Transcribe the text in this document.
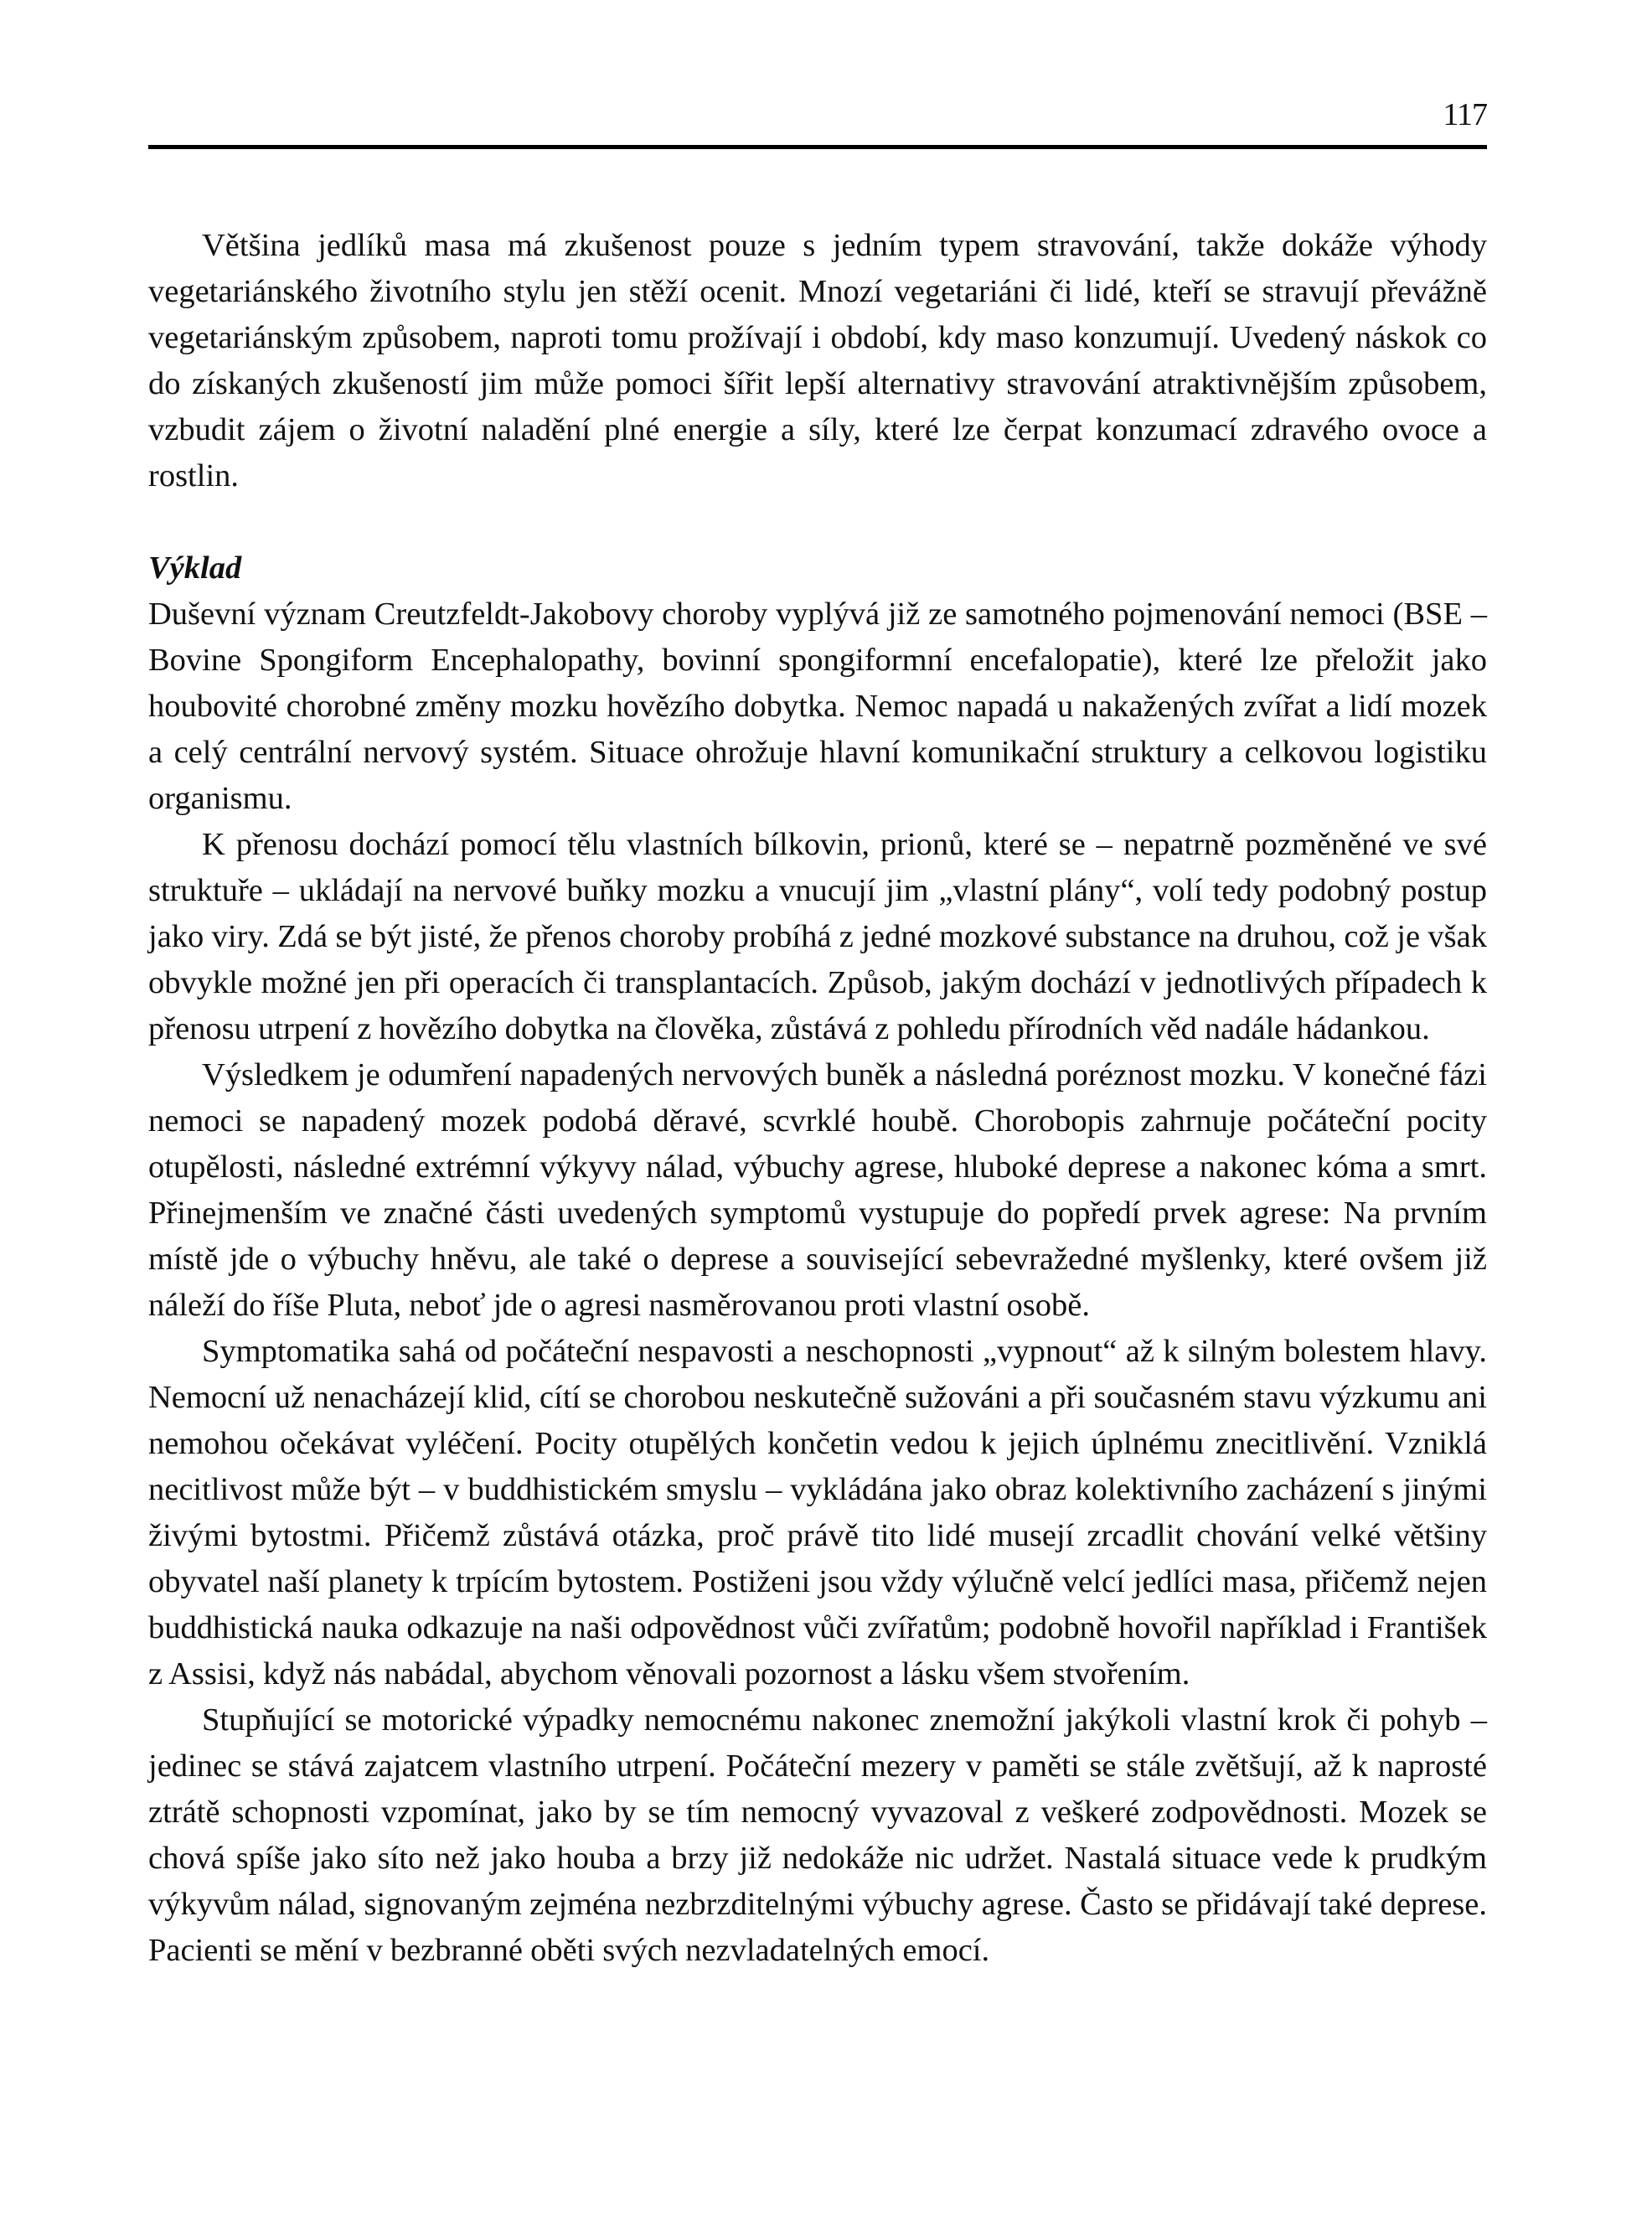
117

Většina jedlíků masa má zkušenost pouze s jedním typem stravování, takže dokáže výhody vegetariánského životního stylu jen stěží ocenit. Mnozí vegetariáni či lidé, kteří se stravují převážně vegetariánským způsobem, naproti tomu prožívají i období, kdy maso konzumují. Uvedený náskok co do získaných zkušeností jim může pomoci šířit lepší alternativy stravování atraktivnějším způsobem, vzbudit zájem o životní naladění plné energie a síly, které lze čerpat konzumací zdravého ovoce a rostlin.

Výklad

Duševní význam Creutzfeldt-Jakobovy choroby vyplývá již ze samotného pojmenování nemoci (BSE – Bovine Spongiform Encephalopathy, bovinní spongiformní encefalopatie), které lze přeložit jako houbovité chorobné změny mozku hovězího dobytka. Nemoc napadá u nakažených zvířat a lidí mozek a celý centrální nervový systém. Situace ohrožuje hlavní komunikační struktury a celkovou logistiku organismu.

K přenosu dochází pomocí tělu vlastních bílkovin, prionů, které se – nepatrně pozměněné ve své struktuře – ukládají na nervové buňky mozku a vnucují jim „vlastní plány“, volí tedy podobný postup jako viry. Zdá se být jisté, že přenos choroby probíhá z jedné mozkové substance na druhou, což je však obvykle možné jen při operacích či transplantacích. Způsob, jakým dochází v jednotlivých případech k přenosu utrpení z hovězího dobytka na člověka, zůstává z pohledu přírodních věd nadále hádankou.

Výsledkem je odumření napadených nervových buněk a následná poréznost mozku. V konečné fázi nemoci se napadený mozek podobá děravé, scvrklé houbě. Chorobopis zahrnuje počáteční pocity otupělosti, následné extrémní výkyvy nálad, výbuchy agrese, hluboké deprese a nakonec kóma a smrt. Přinejmenším ve značné části uvedených symptomů vystupuje do popředí prvek agrese: Na prvním místě jde o výbuchy hněvu, ale také o deprese a související sebevražedné myšlenky, které ovšem již náleží do říše Pluta, neboť jde o agresi nasměrovanou proti vlastní osobě.

Symptomatika sahá od počáteční nespavosti a neschopnosti „vypnout“ až k silným bolestem hlavy. Nemocní už nenacházejí klid, cítí se chorobou neskutečně sužováni a při současném stavu výzkumu ani nemohou očekávat vyléčení. Pocity otupělých končetin vedou k jejich úplnému znecitlivění. Vzniklá necitlivost může být – v buddhistickém smyslu – vykládána jako obraz kolektivního zacházení s jinými živými bytostmi. Přičemž zůstává otázka, proč právě tito lidé musejí zrcadlit chování velké většiny obyvatel naší planety k trpícím bytostem. Postiženi jsou vždy výlučně velcí jedlíci masa, přičemž nejen buddhistická nauka odkazuje na naši odpovědnost vůči zvířatům; podobně hovořil například i František z Assisi, když nás nabádal, abychom věnovali pozornost a lásku všem stvořením.

Stupňující se motorické výpadky nemocnému nakonec znemožní jakýkoli vlastní krok či pohyb – jedinec se stává zajatcem vlastního utrpení. Počáteční mezery v paměti se stále zvětšují, až k naprosté ztrátě schopnosti vzpomínat, jako by se tím nemocný vyvazoval z veškeré zodpovědnosti. Mozek se chová spíše jako síto než jako houba a brzy již nedokáže nic udržet. Nastalá situace vede k prudkým výkyvům nálad, signovaným zejména nezbrzditelnými výbuchy agrese. Často se přidávají také deprese. Pacienti se mění v bezbranné oběti svých nezvladatelných emocí.
